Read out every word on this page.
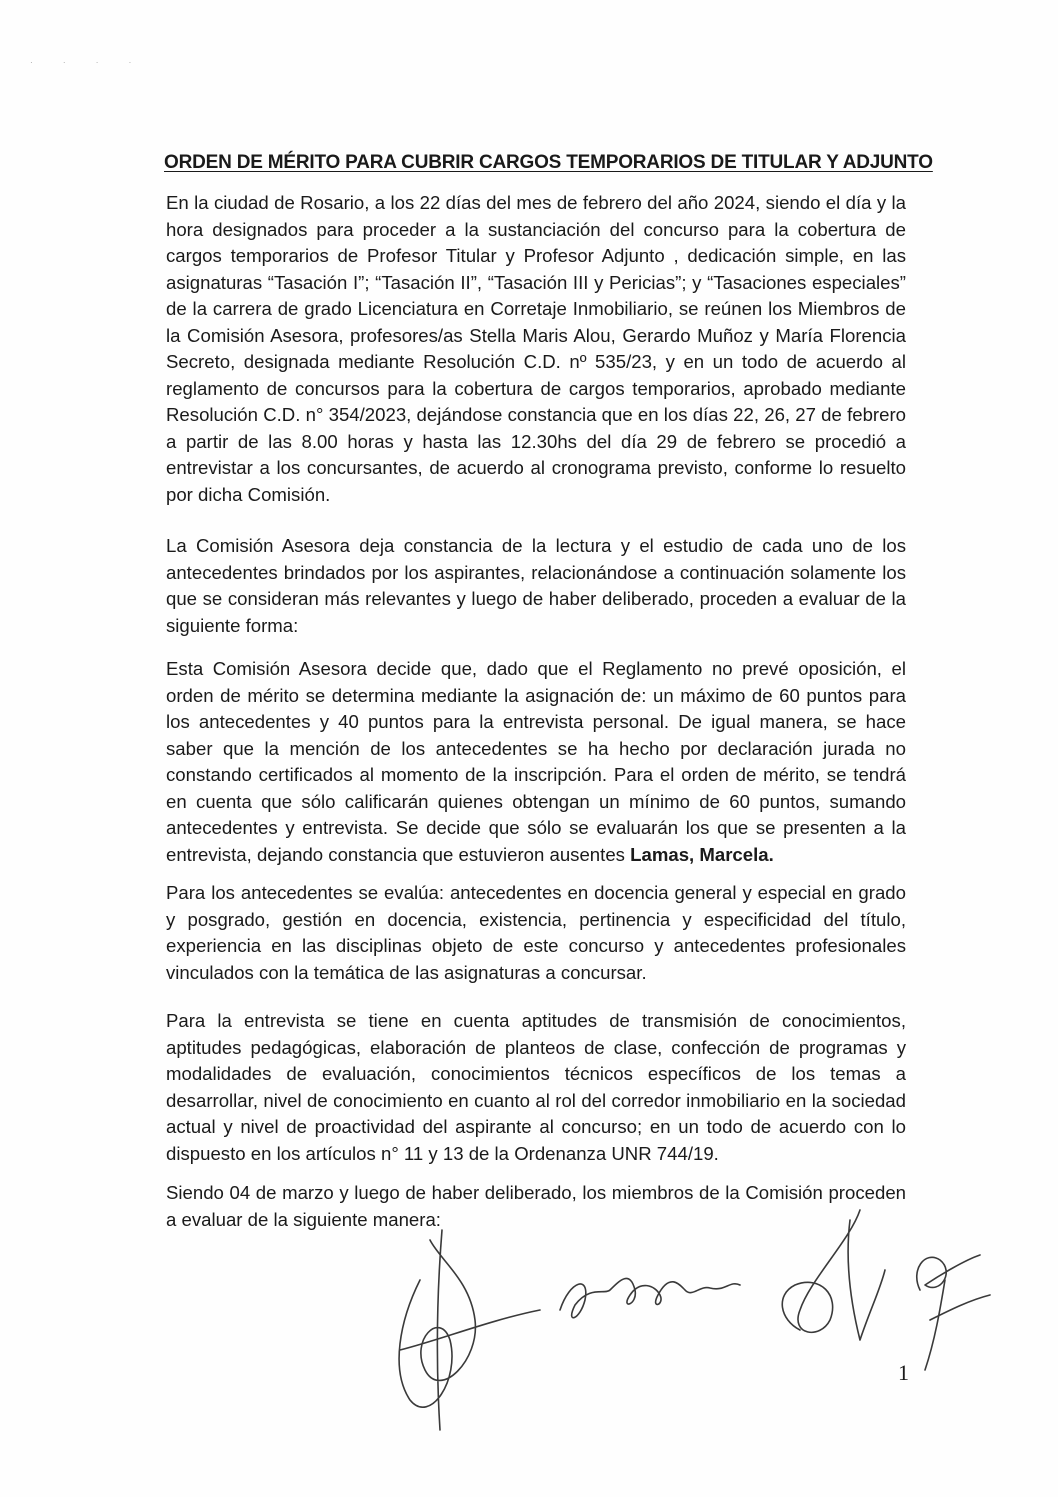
· · · ·
ORDEN DE MÉRITO PARA CUBRIR CARGOS TEMPORARIOS DE TITULAR Y ADJUNTO

En la ciudad de Rosario, a los 22 días del mes de febrero del año 2024, siendo el día y la hora designados para proceder a la sustanciación del concurso para la cobertura de cargos temporarios de Profesor Titular y Profesor Adjunto , dedicación simple, en las asignaturas “Tasación I”; “Tasación II”, “Tasación III y Pericias”; y “Tasaciones especiales” de la carrera de grado Licenciatura en Corretaje Inmobiliario, se reúnen los Miembros de la Comisión Asesora, profesores/as Stella Maris Alou, Gerardo Muñoz y María Florencia Secreto, designada mediante Resolución C.D. nº 535/23, y en un todo de acuerdo al reglamento de concursos para la cobertura de cargos temporarios, aprobado mediante Resolución C.D. n° 354/2023, dejándose constancia que en los días 22, 26, 27 de febrero a partir de las 8.00 horas y hasta las 12.30hs del día 29 de febrero se procedió a entrevistar a los concursantes, de acuerdo al cronograma previsto, conforme lo resuelto por dicha Comisión.

La Comisión Asesora deja constancia de la lectura y el estudio de cada uno de los antecedentes brindados por los aspirantes, relacionándose a continuación solamente los que se consideran más relevantes y luego de haber deliberado, proceden a evaluar de la siguiente forma:

Esta Comisión Asesora decide que, dado que el Reglamento no prevé oposición, el orden de mérito se determina mediante la asignación de: un máximo de 60 puntos para los antecedentes y 40 puntos para la entrevista personal. De igual manera, se hace saber que la mención de los antecedentes se ha hecho por declaración jurada no constando certificados al momento de la inscripción. Para el orden de mérito, se tendrá en cuenta que sólo calificarán quienes obtengan un mínimo de 60 puntos, sumando antecedentes y entrevista. Se decide que sólo se evaluarán los que se presenten a la entrevista, dejando constancia que estuvieron ausentes Lamas, Marcela.

Para los antecedentes se evalúa: antecedentes en docencia general y especial en grado y posgrado, gestión en docencia, existencia, pertinencia y especificidad del título, experiencia en las disciplinas objeto de este concurso y antecedentes profesionales vinculados con la temática de las asignaturas a concursar.

Para la entrevista se tiene en cuenta aptitudes de transmisión de conocimientos, aptitudes pedagógicas, elaboración de planteos de clase, confección de programas y modalidades de evaluación, conocimientos técnicos específicos de los temas a desarrollar, nivel de conocimiento en cuanto al rol del corredor inmobiliario en la sociedad actual y nivel de proactividad del aspirante al concurso; en un todo de acuerdo con lo dispuesto en los artículos n° 11 y 13 de la Ordenanza UNR 744/19.

Siendo 04 de marzo y luego de haber deliberado, los miembros de la Comisión proceden a evaluar de la siguiente manera:

1
